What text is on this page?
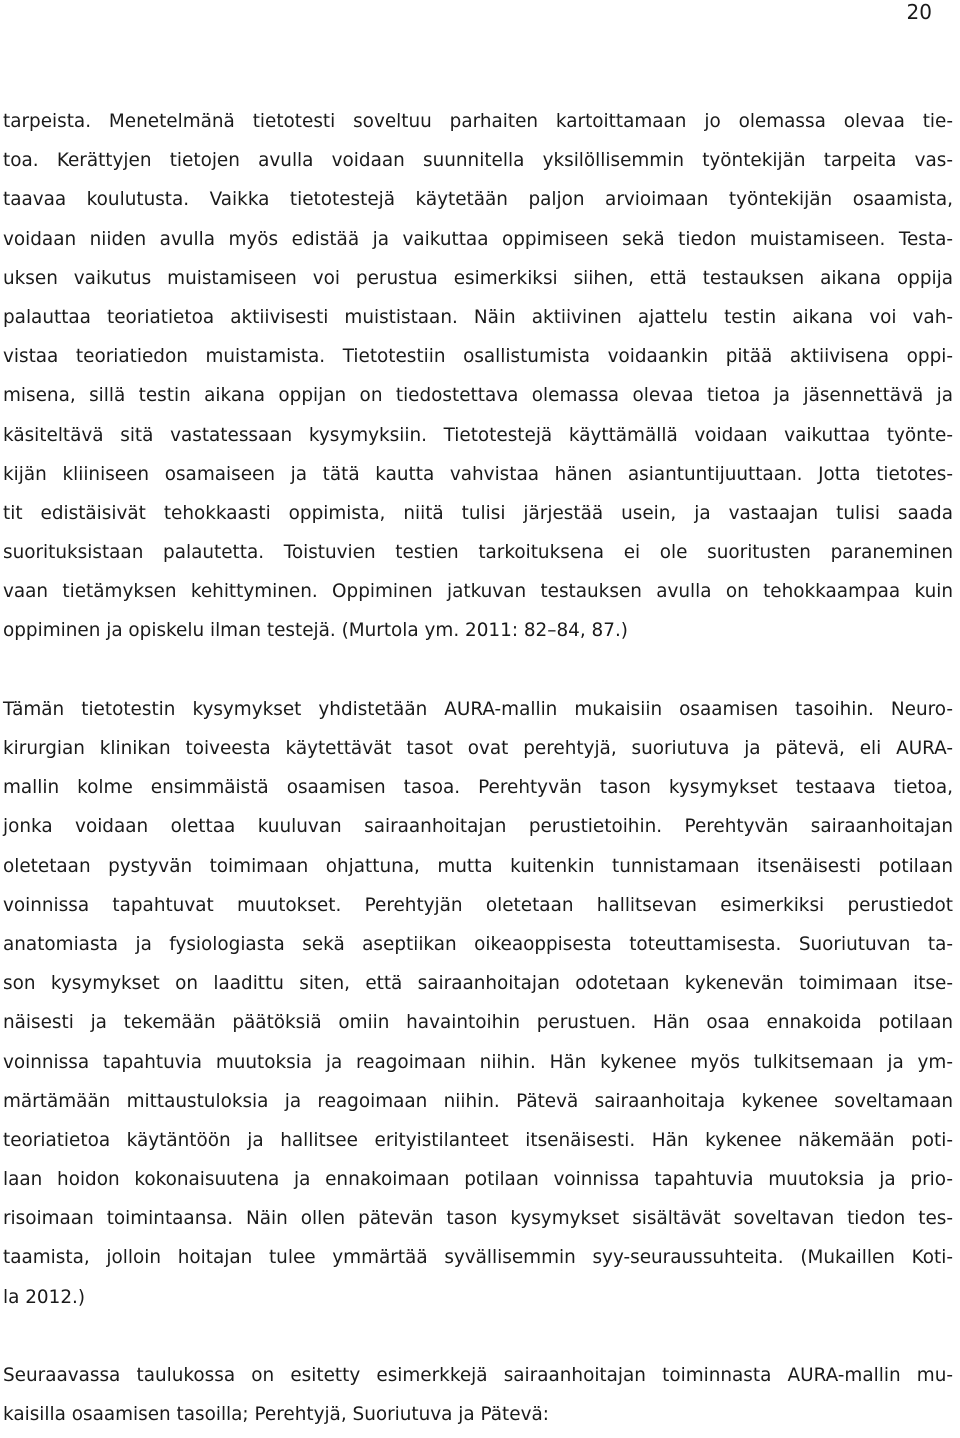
20
tarpeista. Menetelmänä tietotesti soveltuu parhaiten kartoittamaan jo olemassa olevaa tie-
toa. Kerättyjen tietojen avulla voidaan suunnitella yksilöllisemmin työntekijän tarpeita vas-
taavaa koulutusta. Vaikka tietotestejä käytetään paljon arvioimaan työntekijän osaamista,
voidaan niiden avulla myös edistää ja vaikuttaa oppimiseen sekä tiedon muistamiseen. Testa-
uksen vaikutus muistamiseen voi perustua esimerkiksi siihen, että testauksen aikana oppija
palauttaa teoriatietoa aktiivisesti muististaan. Näin aktiivinen ajattelu testin aikana voi vah-
vistaa teoriatiedon muistamista. Tietotestiin osallistumista voidaankin pitää aktiivisena oppi-
misena, sillä testin aikana oppijan on tiedostettava olemassa olevaa tietoa ja jäsennettävä ja
käsiteltävä sitä vastatessaan kysymyksiin. Tietotestejä käyttämällä voidaan vaikuttaa työnte-
kijän kliiniseen osamaiseen ja tätä kautta vahvistaa hänen asiantuntijuuttaan. Jotta tietotes-
tit edistäisivät tehokkaasti oppimista, niitä tulisi järjestää usein, ja vastaajan tulisi saada
suorituksistaan palautetta. Toistuvien testien tarkoituksena ei ole suoritusten paraneminen
vaan tietämyksen kehittyminen. Oppiminen jatkuvan testauksen avulla on tehokkaampaa kuin
oppiminen ja opiskelu ilman testejä. (Murtola ym. 2011: 82–84, 87.)
Tämän tietotestin kysymykset yhdistetään AURA-mallin mukaisiin osaamisen tasoihin. Neuro-
kirurgian klinikan toiveesta käytettävät tasot ovat perehtyjä, suoriutuva ja pätevä, eli AURA-
mallin kolme ensimmäistä osaamisen tasoa. Perehtyvän tason kysymykset testaava tietoa,
jonka voidaan olettaa kuuluvan sairaanhoitajan perustietoihin. Perehtyvän sairaanhoitajan
oletetaan pystyvän toimimaan ohjattuna, mutta kuitenkin tunnistamaan itsenäisesti potilaan
voinnissa tapahtuvat muutokset. Perehtyjän oletetaan hallitsevan esimerkiksi perustiedot
anatomiasta ja fysiologiasta sekä aseptiikan oikeaoppisesta toteuttamisesta. Suoriutuvan ta-
son kysymykset on laadittu siten, että sairaanhoitajan odotetaan kykenevän toimimaan itse-
näisesti ja tekemään päätöksiä omiin havaintoihin perustuen. Hän osaa ennakoida potilaan
voinnissa tapahtuvia muutoksia ja reagoimaan niihin. Hän kykenee myös tulkitsemaan ja ym-
märtämään mittaustuloksia ja reagoimaan niihin. Pätevä sairaanhoitaja kykenee soveltamaan
teoriatietoa käytäntöön ja hallitsee erityistilanteet itsenäisesti. Hän kykenee näkemään poti-
laan hoidon kokonaisuutena ja ennakoimaan potilaan voinnissa tapahtuvia muutoksia ja prio-
risoimaan toimintaansa. Näin ollen pätevän tason kysymykset sisältävät soveltavan tiedon tes-
taamista, jolloin hoitajan tulee ymmärtää syvällisemmin syy-seuraussuhteita. (Mukaillen Koti-
la 2012.)
Seuraavassa taulukossa on esitetty esimerkkejä sairaanhoitajan toiminnasta AURA-mallin mu-
kaisilla osaamisen tasoilla; Perehtyjä, Suoriutuva ja Pätevä:
